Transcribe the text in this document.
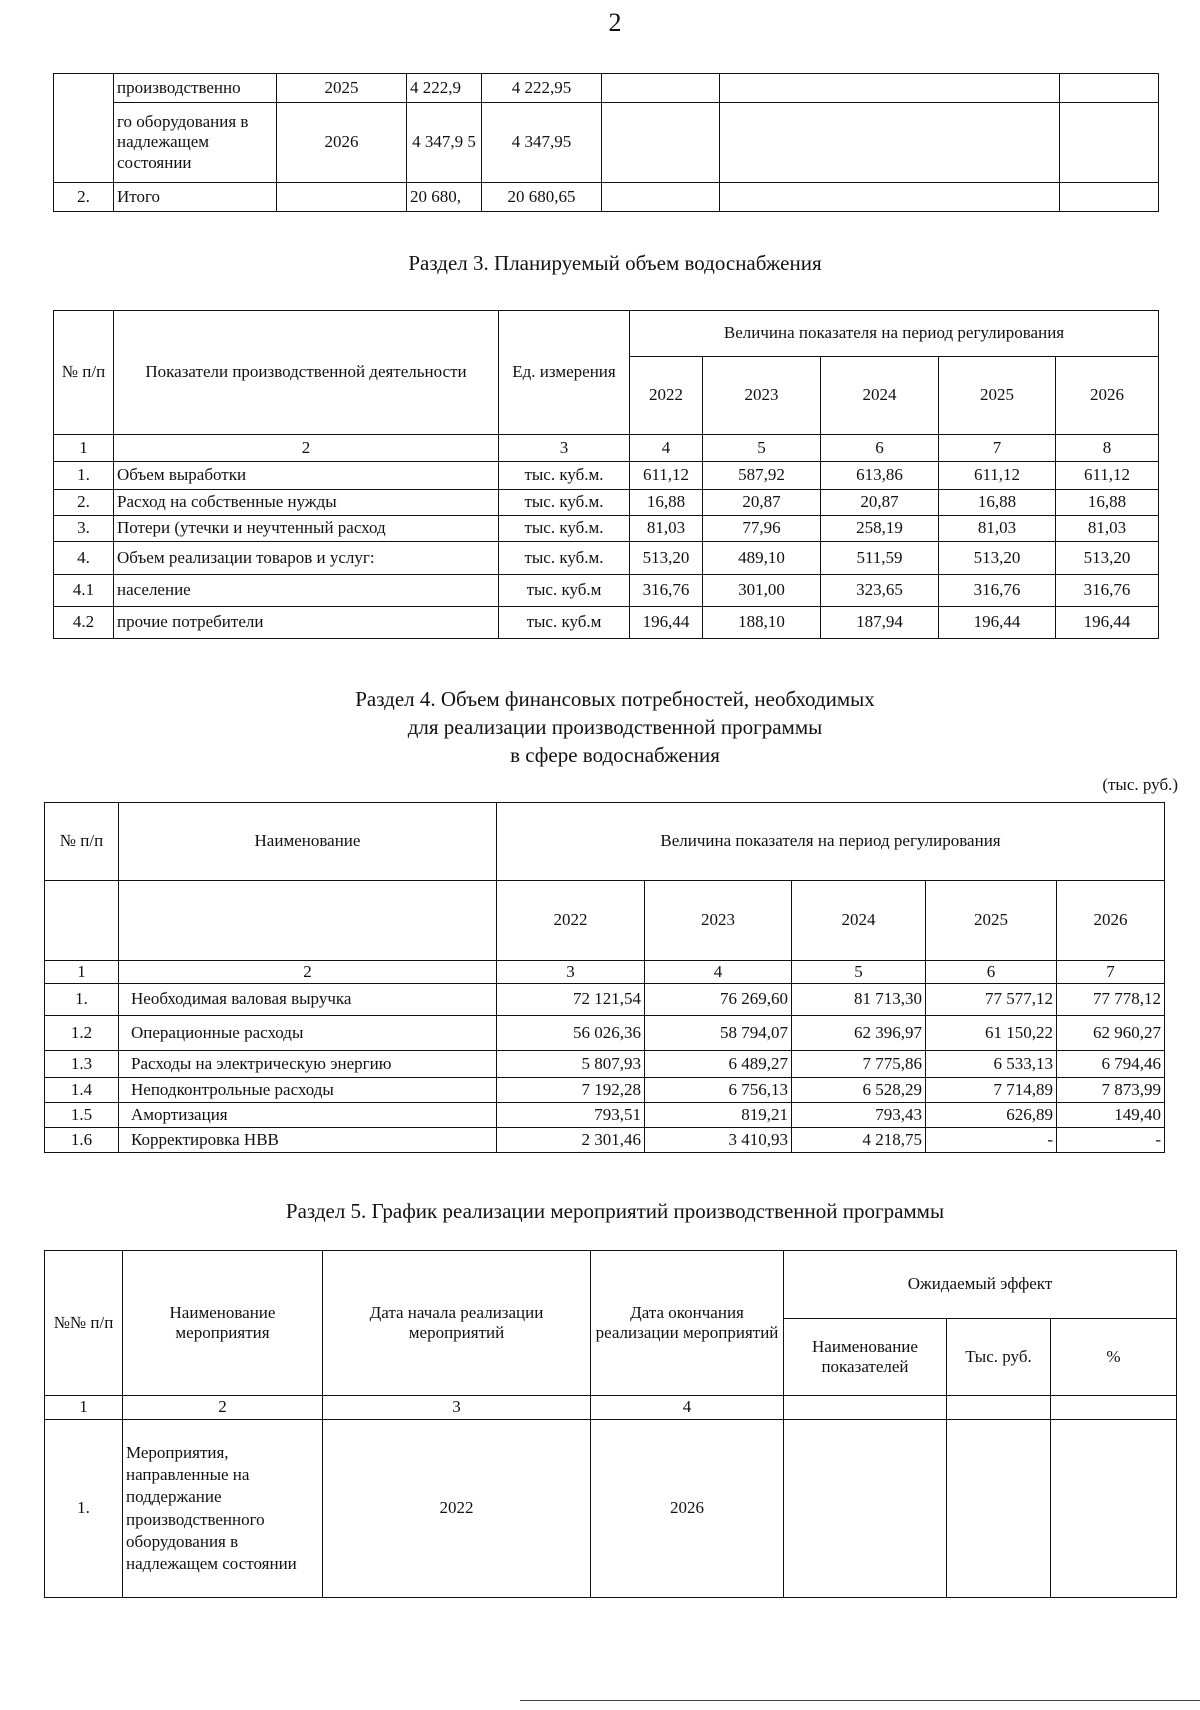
2
	производственно	2025	4 222,9	4 222,95			
	го оборудования в надлежащем состоянии	2026	4 347,9 5	4 347,95			
2.	Итого		20 680,	20 680,65			
Раздел 3. Планируемый объем водоснабжения
№ п/п	Показатели производственной деятельности	Ед. измерения	Величина показателя на период регулирования				
			2022	2023	2024	2025	2026
1	2	3	4	5	6	7	8
1.	Объем выработки	тыс. куб.м.	611,12	587,92	613,86	611,12	611,12
2.	Расход на собственные нужды	тыс. куб.м.	16,88	20,87	20,87	16,88	16,88
3.	Потери (утечки и неучтенный расход	тыс. куб.м.	81,03	77,96	258,19	81,03	81,03
4.	Объем реализации товаров и услуг:	тыс. куб.м.	513,20	489,10	511,59	513,20	513,20
4.1	население	тыс. куб.м	316,76	301,00	323,65	316,76	316,76
4.2	прочие потребители	тыс. куб.м	196,44	188,10	187,94	196,44	196,44
Раздел 4. Объем финансовых потребностей, необходимых
для реализации производственной программы
в сфере водоснабжения
(тыс. руб.)
№ п/п	Наименование	Величина показателя на период регулирования				
		2022	2023	2024	2025	2026
1	2	3	4	5	6	7
1.	Необходимая валовая выручка	72 121,54	76 269,60	81 713,30	77 577,12	77 778,12
1.2	Операционные расходы	56 026,36	58 794,07	62 396,97	61 150,22	62 960,27
1.3	Расходы на электрическую энергию	5 807,93	6 489,27	7 775,86	6 533,13	6 794,46
1.4	Неподконтрольные расходы	7 192,28	6 756,13	6 528,29	7 714,89	7 873,99
1.5	Амортизация	793,51	819,21	793,43	626,89	149,40
1.6	Корректировка НВВ	2 301,46	3 410,93	4 218,75	-	-
Раздел 5. График реализации мероприятий производственной программы
№№ п/п	Наименование мероприятия	Дата начала реализации мероприятий	Дата окончания реализации мероприятий	Ожидаемый эффект		
				Наименование показателей	Тыс. руб.	%
1	2	3	4			
1.	Мероприятия, направленные на поддержание производственного оборудования в надлежащем состоянии	2022	2026			
